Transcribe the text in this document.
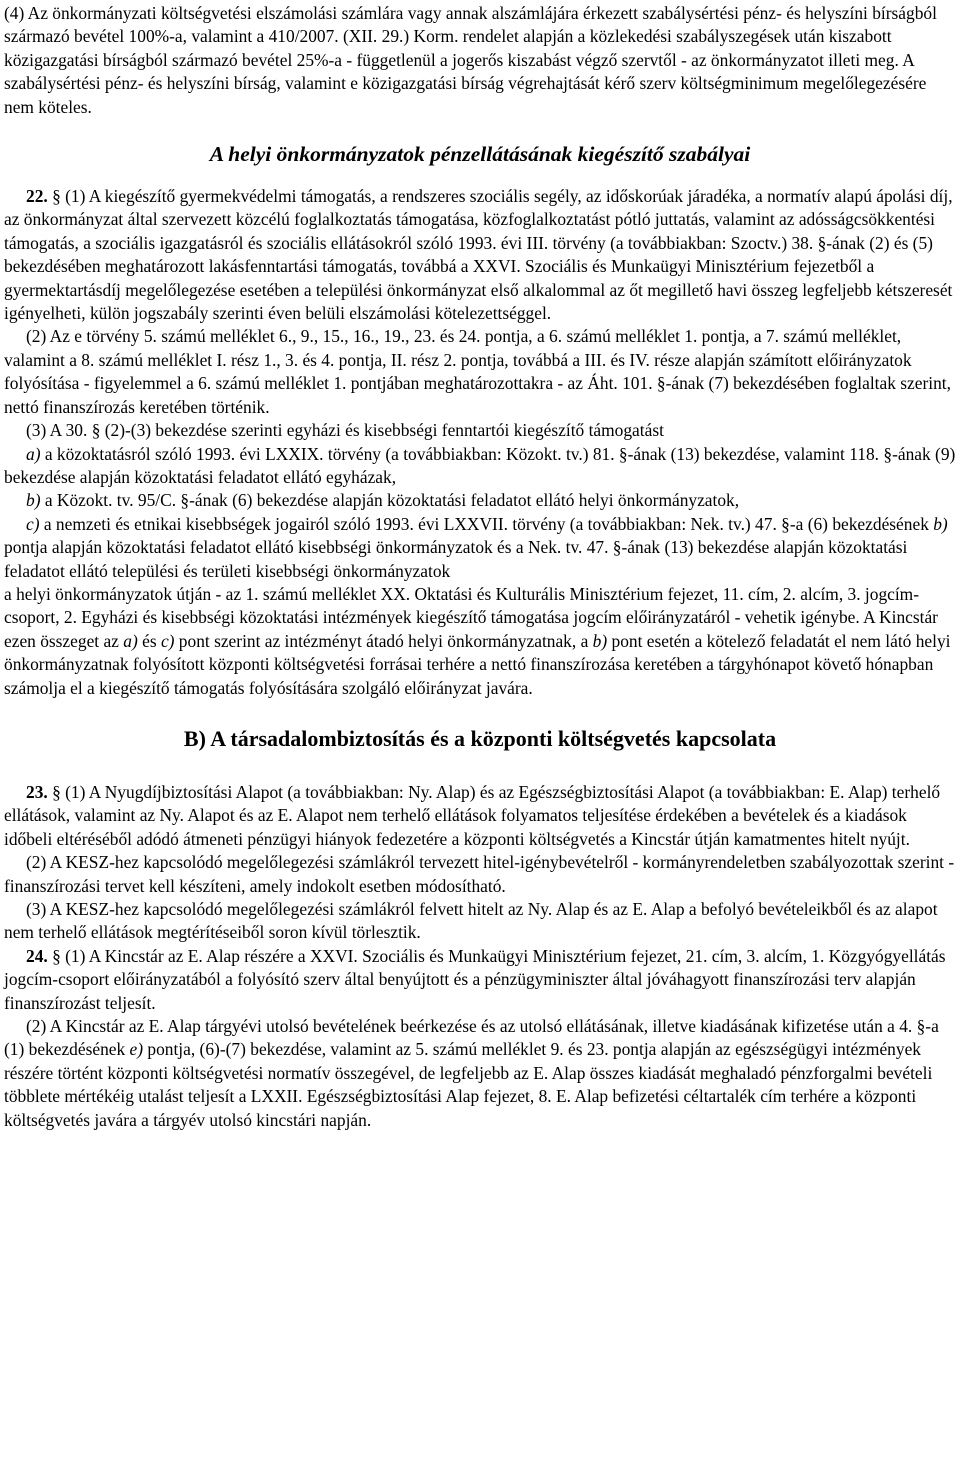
(4) Az önkormányzati költségvetési elszámolási számlára vagy annak alszámlájára érkezett szabálysértési pénz- és helyszíni bírságból származó bevétel 100%-a, valamint a 410/2007. (XII. 29.) Korm. rendelet alapján a közlekedési szabályszegések után kiszabott közigazgatási bírságból származó bevétel 25%-a - függetlenül a jogerős kiszabást végző szervtől - az önkormányzatot illeti meg. A szabálysértési pénz- és helyszíni bírság, valamint e közigazgatási bírság végrehajtását kérő szerv költségminimum megelőlegezésére nem köteles.

A helyi önkormányzatok pénzellátásának kiegészítő szabályai

22. § (1) A kiegészítő gyermekvédelmi támogatás, a rendszeres szociális segély, az időskorúak járadéka, a normatív alapú ápolási díj, az önkormányzat által szervezett közcélú foglalkoztatás támogatása, közfoglalkoztatást pótló juttatás, valamint az adósságcsökkentési támogatás, a szociális igazgatásról és szociális ellátásokról szóló 1993. évi III. törvény (a továbbiakban: Szoctv.) 38. §-ának (2) és (5) bekezdésében meghatározott lakásfenntartási támogatás, továbbá a XXVI. Szociális és Munkaügyi Minisztérium fejezetből a gyermektartásdíj megelőlegezése esetében a települési önkormányzat első alkalommal az őt megillető havi összeg legfeljebb kétszeresét igényelheti, külön jogszabály szerinti éven belüli elszámolási kötelezettséggel.

(2) Az e törvény 5. számú melléklet 6., 9., 15., 16., 19., 23. és 24. pontja, a 6. számú melléklet 1. pontja, a 7. számú melléklet, valamint a 8. számú melléklet I. rész 1., 3. és 4. pontja, II. rész 2. pontja, továbbá a III. és IV. része alapján számított előirányzatok folyósítása - figyelemmel a 6. számú melléklet 1. pontjában meghatározottakra - az Áht. 101. §-ának (7) bekezdésében foglaltak szerint, nettó finanszírozás keretében történik.

(3) A 30. § (2)-(3) bekezdése szerinti egyházi és kisebbségi fenntartói kiegészítő támogatást

a) a közoktatásról szóló 1993. évi LXXIX. törvény (a továbbiakban: Közokt. tv.) 81. §-ának (13) bekezdése, valamint 118. §-ának (9) bekezdése alapján közoktatási feladatot ellátó egyházak,

b) a Közokt. tv. 95/C. §-ának (6) bekezdése alapján közoktatási feladatot ellátó helyi önkormányzatok,

c) a nemzeti és etnikai kisebbségek jogairól szóló 1993. évi LXXVII. törvény (a továbbiakban: Nek. tv.) 47. §-a (6) bekezdésének b) pontja alapján közoktatási feladatot ellátó kisebbségi önkormányzatok és a Nek. tv. 47. §-ának (13) bekezdése alapján közoktatási feladatot ellátó települési és területi kisebbségi önkormányzatok

a helyi önkormányzatok útján - az 1. számú melléklet XX. Oktatási és Kulturális Minisztérium fejezet, 11. cím, 2. alcím, 3. jogcím-csoport, 2. Egyházi és kisebbségi közoktatási intézmények kiegészítő támogatása jogcím előirányzatáról - vehetik igénybe. A Kincstár ezen összeget az a) és c) pont szerint az intézményt átadó helyi önkormányzatnak, a b) pont esetén a kötelező feladatát el nem látó helyi önkormányzatnak folyósított központi költségvetési forrásai terhére a nettó finanszírozása keretében a tárgyhónapot követő hónapban számolja el a kiegészítő támogatás folyósítására szolgáló előirányzat javára.

B) A társadalombiztosítás és a központi költségvetés kapcsolata

23. § (1) A Nyugdíjbiztosítási Alapot (a továbbiakban: Ny. Alap) és az Egészségbiztosítási Alapot (a továbbiakban: E. Alap) terhelő ellátások, valamint az Ny. Alapot és az E. Alapot nem terhelő ellátások folyamatos teljesítése érdekében a bevételek és a kiadások időbeli eltéréséből adódó átmeneti pénzügyi hiányok fedezetére a központi költségvetés a Kincstár útján kamatmentes hitelt nyújt.

(2) A KESZ-hez kapcsolódó megelőlegezési számlákról tervezett hitel-igénybevételről - kormányrendeletben szabályozottak szerint - finanszírozási tervet kell készíteni, amely indokolt esetben módosítható.

(3) A KESZ-hez kapcsolódó megelőlegezési számlákról felvett hitelt az Ny. Alap és az E. Alap a befolyó bevételeikből és az alapot nem terhelő ellátások megtérítéseiből soron kívül törlesztik.

24. § (1) A Kincstár az E. Alap részére a XXVI. Szociális és Munkaügyi Minisztérium fejezet, 21. cím, 3. alcím, 1. Közgyógyellátás jogcím-csoport előirányzatából a folyósító szerv által benyújtott és a pénzügyminiszter által jóváhagyott finanszírozási terv alapján finanszírozást teljesít.

(2) A Kincstár az E. Alap tárgyévi utolsó bevételének beérkezése és az utolsó ellátásának, illetve kiadásának kifizetése után a 4. §-a (1) bekezdésének e) pontja, (6)-(7) bekezdése, valamint az 5. számú melléklet 9. és 23. pontja alapján az egészségügyi intézmények részére történt központi költségvetési normatív összegével, de legfeljebb az E. Alap összes kiadását meghaladó pénzforgalmi bevételi többlete mértékéig utalást teljesít a LXXII. Egészségbiztosítási Alap fejezet, 8. E. Alap befizetési céltartalék cím terhére a központi költségvetés javára a tárgyév utolsó kincstári napján.
